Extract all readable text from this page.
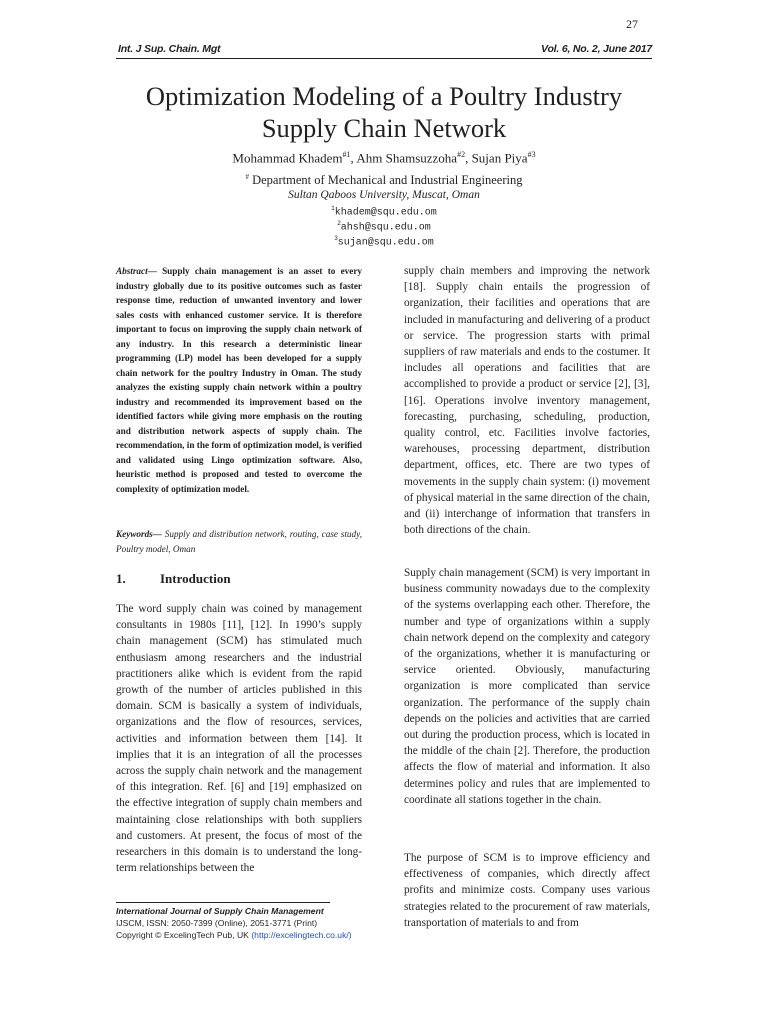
27
Int. J Sup. Chain. Mgt	Vol. 6, No. 2, June 2017
Optimization Modeling of a Poultry Industry
Supply Chain Network
Mohammad Khadem$^{\#1}$, Ahm Shamsuzzoha$^{\#2}$, Sujan Piya$^{\#3}$
# Department of Mechanical and Industrial Engineering
Sultan Qaboos University, Muscat, Oman
$^1$khadem@squ.edu.om
$^2$ahsh@squ.edu.om
$^3$sujan@squ.edu.om
Abstract— Supply chain management is an asset to every industry globally due to its positive outcomes such as faster response time, reduction of unwanted inventory and lower sales costs with enhanced customer service. It is therefore important to focus on improving the supply chain network of any industry. In this research a deterministic linear programming (LP) model has been developed for a supply chain network for the poultry Industry in Oman. The study analyzes the existing supply chain network within a poultry industry and recommended its improvement based on the identified factors while giving more emphasis on the routing and distribution network aspects of supply chain. The recommendation, in the form of optimization model, is verified and validated using Lingo optimization software. Also, heuristic method is proposed and tested to overcome the complexity of optimization model.
Keywords— Supply and distribution network, routing, case study, Poultry model, Oman
1.	Introduction

The word supply chain was coined by management consultants in 1980s [11], [12]. In 1990’s supply chain management (SCM) has stimulated much enthusiasm among researchers and the industrial practitioners alike which is evident from the rapid growth of the number of articles published in this domain. SCM is basically a system of individuals, organizations and the flow of resources, services, activities and information between them [14]. It implies that it is an integration of all the processes across the supply chain network and the management of this integration. Ref. [6] and [19] emphasized on the effective integration of supply chain members and maintaining close relationships with both suppliers and customers. At present, the focus of most of the researchers in this domain is to understand the long-term relationships between the

supply chain members and improving the network [18]. Supply chain entails the progression of organization, their facilities and operations that are included in manufacturing and delivering of a product or service. The progression starts with primal suppliers of raw materials and ends to the costumer. It includes all operations and facilities that are accomplished to provide a product or service [2], [3], [16]. Operations involve inventory management, forecasting, purchasing, scheduling, production, quality control, etc. Facilities involve factories, warehouses, processing department, distribution department, offices, etc. There are two types of movements in the supply chain system: (i) movement of physical material in the same direction of the chain, and (ii) interchange of information that transfers in both directions of the chain.

Supply chain management (SCM) is very important in business community nowadays due to the complexity of the systems overlapping each other. Therefore, the number and type of organizations within a supply chain network depend on the complexity and category of the organizations, whether it is manufacturing or service oriented. Obviously, manufacturing organization is more complicated than service organization. The performance of the supply chain depends on the policies and activities that are carried out during the production process, which is located in the middle of the chain [2]. Therefore, the production affects the flow of material and information. It also determines policy and rules that are implemented to coordinate all stations together in the chain.

The purpose of SCM is to improve efficiency and effectiveness of companies, which directly affect profits and minimize costs. Company uses various strategies related to the procurement of raw materials, transportation of materials to and from

International Journal of Supply Chain Management
IJSCM, ISSN: 2050-7399 (Online), 2051-3771 (Print)
Copyright © ExcelingTech Pub, UK (http://excelingtech.co.uk/)
